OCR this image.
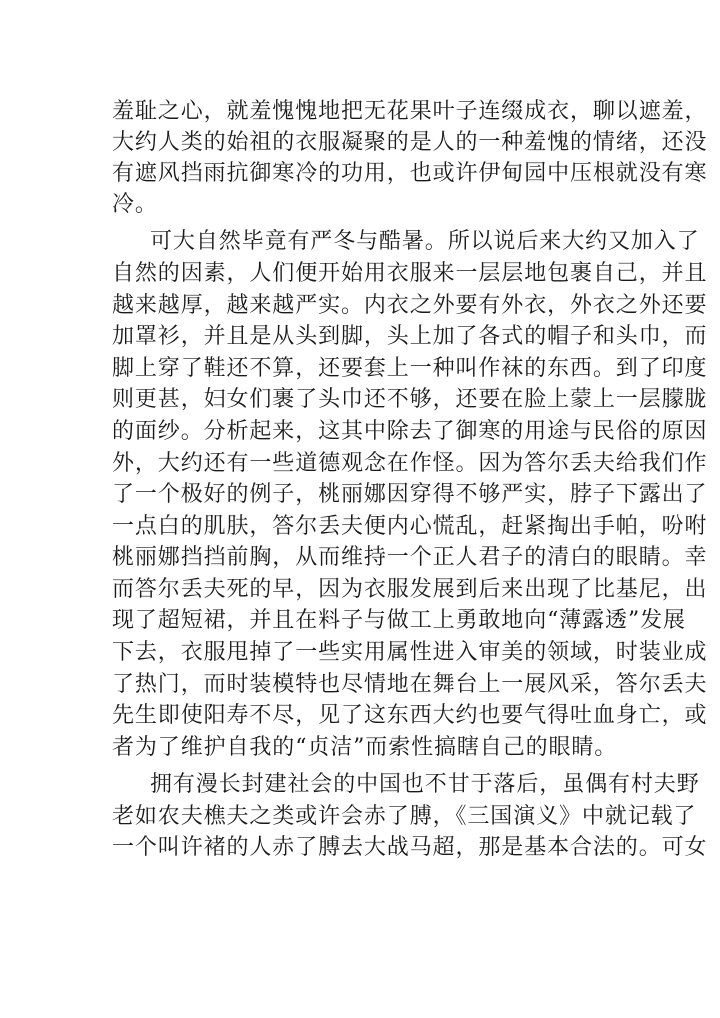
羞耻之心，就羞愧愧地把无花果叶子连缀成衣，聊以遮羞，
大约人类的始祖的衣服凝聚的是人的一种羞愧的情绪，还没
有遮风挡雨抗御寒冷的功用，也或许伊甸园中压根就没有寒
冷。
可大自然毕竟有严冬与酷暑。所以说后来大约又加入了
自然的因素，人们便开始用衣服来一层层地包裹自己，并且
越来越厚，越来越严实。内衣之外要有外衣，外衣之外还要
加罩衫，并且是从头到脚，头上加了各式的帽子和头巾，而
脚上穿了鞋还不算，还要套上一种叫作袜的东西。到了印度
则更甚，妇女们裹了头巾还不够，还要在脸上蒙上一层朦胧
的面纱。分析起来，这其中除去了御寒的用途与民俗的原因
外，大约还有一些道德观念在作怪。因为答尔丢夫给我们作
了一个极好的例子，桃丽娜因穿得不够严实，脖子下露出了
一点白的肌肤，答尔丢夫便内心慌乱，赶紧掏出手帕，吩咐
桃丽娜挡挡前胸，从而维持一个正人君子的清白的眼睛。幸
而答尔丢夫死的早，因为衣服发展到后来出现了比基尼，出
现了超短裙，并且在料子与做工上勇敢地向“薄露透”发展
下去，衣服甩掉了一些实用属性进入审美的领域，时装业成
了热门，而时装模特也尽情地在舞台上一展风采，答尔丢夫
先生即使阳寿不尽，见了这东西大约也要气得吐血身亡，或
者为了维护自我的“贞洁”而索性搞瞎自己的眼睛。
拥有漫长封建社会的中国也不甘于落后，虽偶有村夫野
老如农夫樵夫之类或许会赤了膊，《三国演义》中就记载了
一个叫许褚的人赤了膊去大战马超，那是基本合法的。可女
